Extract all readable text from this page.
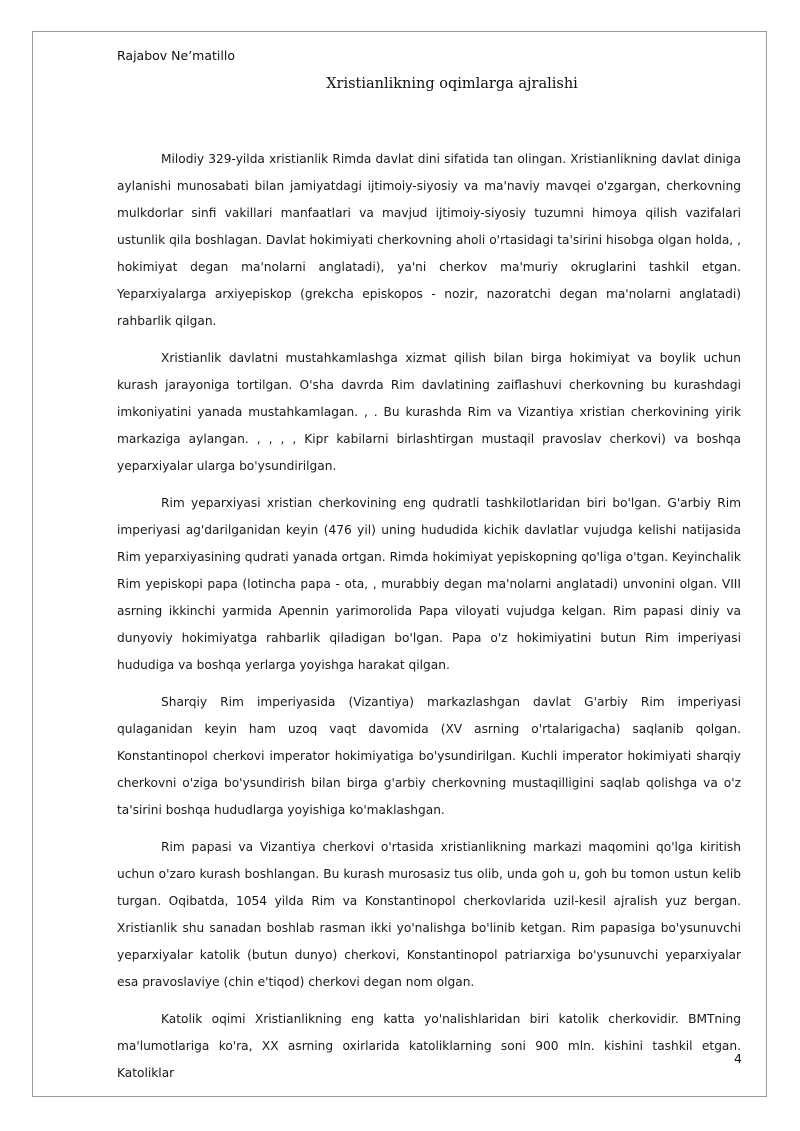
Rajabov Ne’matillo
Xristianlikning oqimlarga ajralishi

Milodiy 329-yilda xristianlik Rimda davlat dini sifatida tan olingan. Xristianlikning davlat diniga aylanishi munosabati bilan jamiyatdagi ijtimoiy-siyosiy va ma'naviy mavqei o'zgargan, cherkovning mulkdorlar sinfi vakillari manfaatlari va mavjud ijtimoiy-siyosiy tuzumni himoya qilish vazifalari ustunlik qila boshlagan. Davlat hokimiyati cherkovning aholi o'rtasidagi ta'sirini hisobga olgan holda, , hokimiyat degan ma'nolarni anglatadi), ya'ni cherkov ma'muriy okruglarini tashkil etgan. Yeparxiyalarga arxiyepiskop (grekcha episkopos - nozir, nazoratchi degan ma'nolarni anglatadi) rahbarlik qilgan.

Xristianlik davlatni mustahkamlashga xizmat qilish bilan birga hokimiyat va boylik uchun kurash jarayoniga tortilgan. O'sha davrda Rim davlatining zaiflashuvi cherkovning bu kurashdagi imkoniyatini yanada mustahkamlagan. , . Bu kurashda Rim va Vizantiya xristian cherkovining yirik markaziga aylangan. , , , , Kipr kabilarni birlashtirgan mustaqil pravoslav cherkovi) va boshqa yeparxiyalar ularga bo'ysundirilgan.

Rim yeparxiyasi xristian cherkovining eng qudratli tashkilotlaridan biri bo'lgan. G'arbiy Rim imperiyasi ag'darilganidan keyin (476 yil) uning hududida kichik davlatlar vujudga kelishi natijasida Rim yeparxiyasining qudrati yanada ortgan. Rimda hokimiyat yepiskopning qo'liga o'tgan. Keyinchalik Rim yepiskopi papa (lotincha papa - ota, , murabbiy degan ma'nolarni anglatadi) unvonini olgan. VIII asrning ikkinchi yarmida Apennin yarimorolida Papa viloyati vujudga kelgan. Rim papasi diniy va dunyoviy hokimiyatga rahbarlik qiladigan bo'lgan. Papa o'z hokimiyatini butun Rim imperiyasi hududiga va boshqa yerlarga yoyishga harakat qilgan.

Sharqiy Rim imperiyasida (Vizantiya) markazlashgan davlat G'arbiy Rim imperiyasi qulaganidan keyin ham uzoq vaqt davomida (XV asrning o'rtalarigacha) saqlanib qolgan. Konstantinopol cherkovi imperator hokimiyatiga bo'ysundirilgan. Kuchli imperator hokimiyati sharqiy cherkovni o'ziga bo'ysundirish bilan birga g'arbiy cherkovning mustaqilligini saqlab qolishga va o'z ta'sirini boshqa hududlarga yoyishiga ko'maklashgan.

Rim papasi va Vizantiya cherkovi o'rtasida xristianlikning markazi maqomini qo'lga kiritish uchun o'zaro kurash boshlangan. Bu kurash murosasiz tus olib, unda goh u, goh bu tomon ustun kelib turgan. Oqibatda, 1054 yilda Rim va Konstantinopol cherkovlarida uzil-kesil ajralish yuz bergan. Xristianlik shu sanadan boshlab rasman ikki yo'nalishga bo'linib ketgan. Rim papasiga bo'ysunuvchi yeparxiyalar katolik (butun dunyo) cherkovi, Konstantinopol patriarxiga bo'ysunuvchi yeparxiyalar esa pravoslaviye (chin e'tiqod) cherkovi degan nom olgan.

Katolik oqimi Xristianlikning eng katta yo'nalishlaridan biri katolik cherkovidir. BMTning ma'lumotlariga ko'ra, XX asrning oxirlarida katoliklarning soni 900 mln. kishini tashkil etgan. Katoliklar

4
